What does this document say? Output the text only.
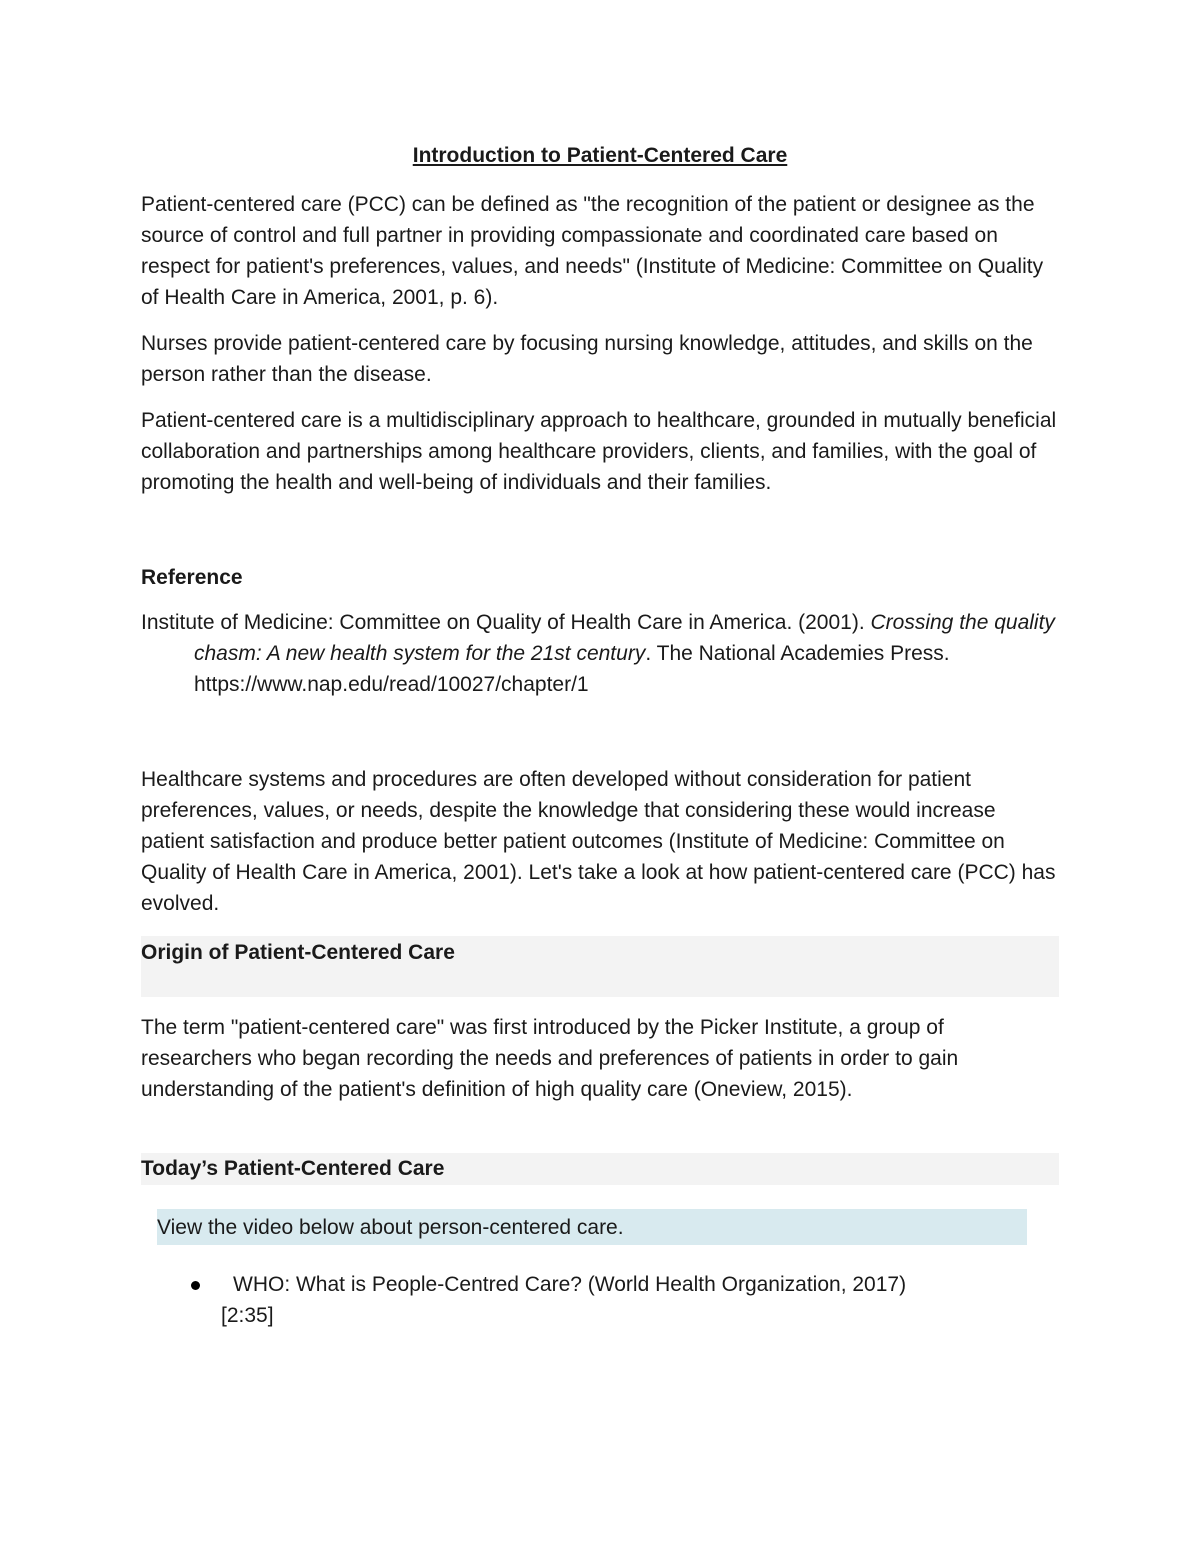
Introduction to Patient-Centered Care

Patient-centered care (PCC) can be defined as "the recognition of the patient or designee as the source of control and full partner in providing compassionate and coordinated care based on respect for patient's preferences, values, and needs" (Institute of Medicine: Committee on Quality of Health Care in America, 2001, p. 6).

Nurses provide patient-centered care by focusing nursing knowledge, attitudes, and skills on the person rather than the disease.

Patient-centered care is a multidisciplinary approach to healthcare, grounded in mutually beneficial collaboration and partnerships among healthcare providers, clients, and families, with the goal of promoting the health and well-being of individuals and their families.

Reference

Institute of Medicine: Committee on Quality of Health Care in America. (2001). Crossing the quality chasm: A new health system for the 21st century. The National Academies Press. https://www.nap.edu/read/10027/chapter/1

Healthcare systems and procedures are often developed without consideration for patient preferences, values, or needs, despite the knowledge that considering these would increase patient satisfaction and produce better patient outcomes (Institute of Medicine: Committee on Quality of Health Care in America, 2001). Let's take a look at how patient-centered care (PCC) has evolved.

Origin of Patient-Centered Care

The term "patient-centered care" was first introduced by the Picker Institute, a group of researchers who began recording the needs and preferences of patients in order to gain understanding of the patient's definition of high quality care (Oneview, 2015).

Today’s Patient-Centered Care

View the video below about person-centered care.

WHO: What is People-Centred Care? (World Health Organization, 2017)
[2:35]
